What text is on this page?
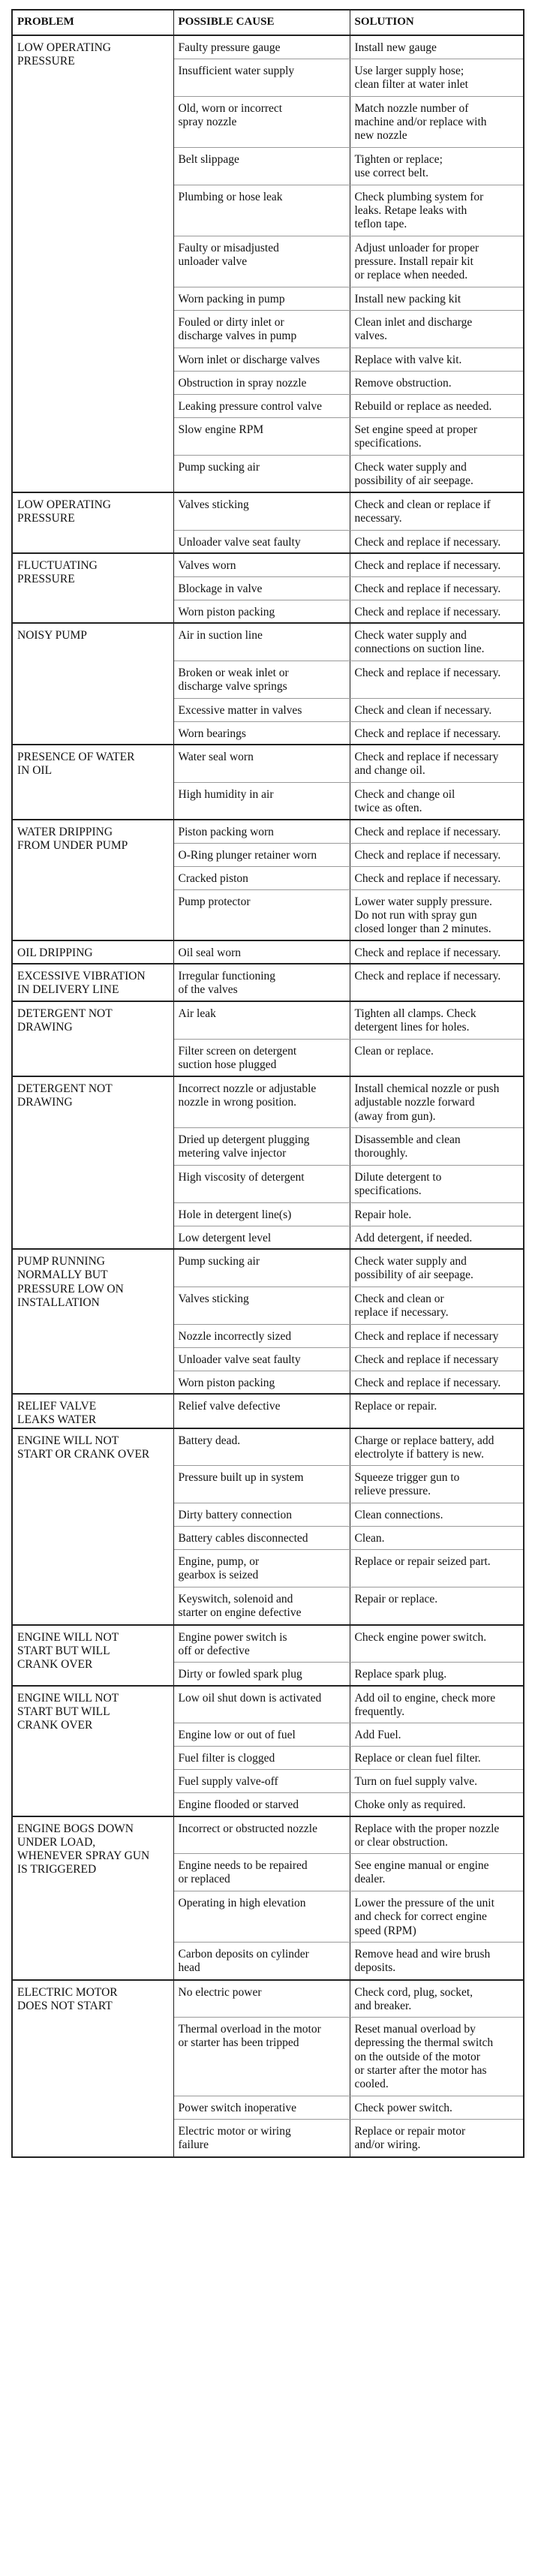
PROBLEM	POSSIBLE CAUSE	SOLUTION

LOW OPERATING
PRESSURE	Faulty pressure gauge	Install new gauge

	Insufficient water supply	Use larger supply hose;
clean filter at water inlet

	Old, worn or incorrect
spray nozzle	Match nozzle number of
machine and/or replace with
new nozzle

	Belt slippage	Tighten or replace;
use correct belt.

	Plumbing or hose leak	Check plumbing system for
leaks. Retape leaks with
teflon tape.

	Faulty or misadjusted
unloader valve	Adjust unloader for proper
pressure. Install repair kit
or replace when needed.

	Worn packing in pump	Install new packing kit

	Fouled or dirty inlet or
discharge valves in pump	Clean inlet and discharge
valves.

	Worn inlet or discharge valves	Replace with valve kit.

	Obstruction in spray nozzle	Remove obstruction.

	Leaking pressure control valve	Rebuild or replace as needed.

	Slow engine RPM	Set engine speed at proper
specifications.

	Pump sucking air	Check water supply and
possibility of air seepage.

LOW OPERATING
PRESSURE	Valves sticking	Check and clean or replace if
necessary.

	Unloader valve seat faulty	Check and replace if necessary.

FLUCTUATING
PRESSURE	Valves worn	Check and replace if necessary.

	Blockage in valve	Check and replace if necessary.

	Worn piston packing	Check and replace if necessary.

NOISY PUMP	Air in suction line	Check water supply and
connections on suction line.

	Broken or weak inlet or
discharge valve springs	Check and replace if necessary.

	Excessive matter in valves	Check and clean if necessary.

	Worn bearings	Check and replace if necessary.

PRESENCE OF WATER
IN OIL	Water seal worn	Check and replace if necessary
and change oil.

	High humidity in air	Check and change oil
twice as often.

WATER DRIPPING
FROM UNDER PUMP	Piston packing worn	Check and replace if necessary.

	O-Ring plunger retainer worn	Check and replace if necessary.

	Cracked piston	Check and replace if necessary.

	Pump protector	Lower water supply pressure.
Do not run with spray gun
closed longer than 2 minutes.

OIL DRIPPING	Oil seal worn	Check and replace if necessary.

EXCESSIVE VIBRATION
IN DELIVERY LINE	Irregular functioning
of the valves	Check and replace if necessary.

DETERGENT NOT
DRAWING	Air leak	Tighten all clamps. Check
detergent lines for holes.

	Filter screen on detergent
suction hose plugged	Clean or replace.

DETERGENT NOT
DRAWING	Incorrect nozzle or adjustable
nozzle in wrong position.	Install chemical nozzle or push
adjustable nozzle forward
(away from gun).

	Dried up detergent plugging
metering valve injector	Disassemble and clean
thoroughly.

	High viscosity of detergent	Dilute detergent to
specifications.

	Hole in detergent line(s)	Repair hole.

	Low detergent level	Add detergent, if needed.

PUMP RUNNING
NORMALLY BUT
PRESSURE LOW ON
INSTALLATION	Pump sucking air	Check water supply and
possibility of air seepage.

	Valves sticking	Check and clean or
replace if necessary.

	Nozzle incorrectly sized	Check and replace if necessary

	Unloader valve seat faulty	Check and replace if necessary

	Worn piston packing	Check and replace if necessary.

RELIEF VALVE
LEAKS WATER	Relief valve defective	Replace or repair.

ENGINE WILL NOT
START OR CRANK OVER	Battery dead.	Charge or replace battery, add
electrolyte if battery is new.

	Pressure built up in system	Squeeze trigger gun to
relieve pressure.

	Dirty battery connection	Clean connections.

	Battery cables disconnected	Clean.

	Engine, pump, or
gearbox is seized	Replace or repair seized part.

	Keyswitch, solenoid and
starter on engine defective	Repair or replace.

ENGINE WILL NOT
START BUT WILL
CRANK OVER	Engine power switch is
off or defective	Check engine power switch.

	Dirty or fowled spark plug	Replace spark plug.

ENGINE WILL NOT
START BUT WILL
CRANK OVER	Low oil shut down is activated	Add oil to engine, check more
frequently.

	Engine low or out of fuel	Add Fuel.

	Fuel filter is clogged	Replace or clean fuel filter.

	Fuel supply valve-off	Turn on fuel supply valve.

	Engine flooded or starved	Choke only as required.

ENGINE BOGS DOWN
UNDER LOAD,
WHENEVER SPRAY GUN
IS TRIGGERED	Incorrect or obstructed nozzle	Replace with the proper nozzle
or clear obstruction.

	Engine needs to be repaired
or replaced	See engine manual or engine
dealer.

	Operating in high elevation	Lower the pressure of the unit
and check for correct engine
speed (RPM)

	Carbon deposits on cylinder
head	Remove head and wire brush
deposits.

ELECTRIC MOTOR
DOES NOT START	No electric power	Check cord, plug, socket,
and breaker.

	Thermal overload in the motor
or starter has been tripped	Reset manual overload by
depressing the thermal switch
on the outside of the motor
or starter after the motor has
cooled.

	Power switch inoperative	Check power switch.

	Electric motor or wiring
failure	Replace or repair motor
and/or wiring.
